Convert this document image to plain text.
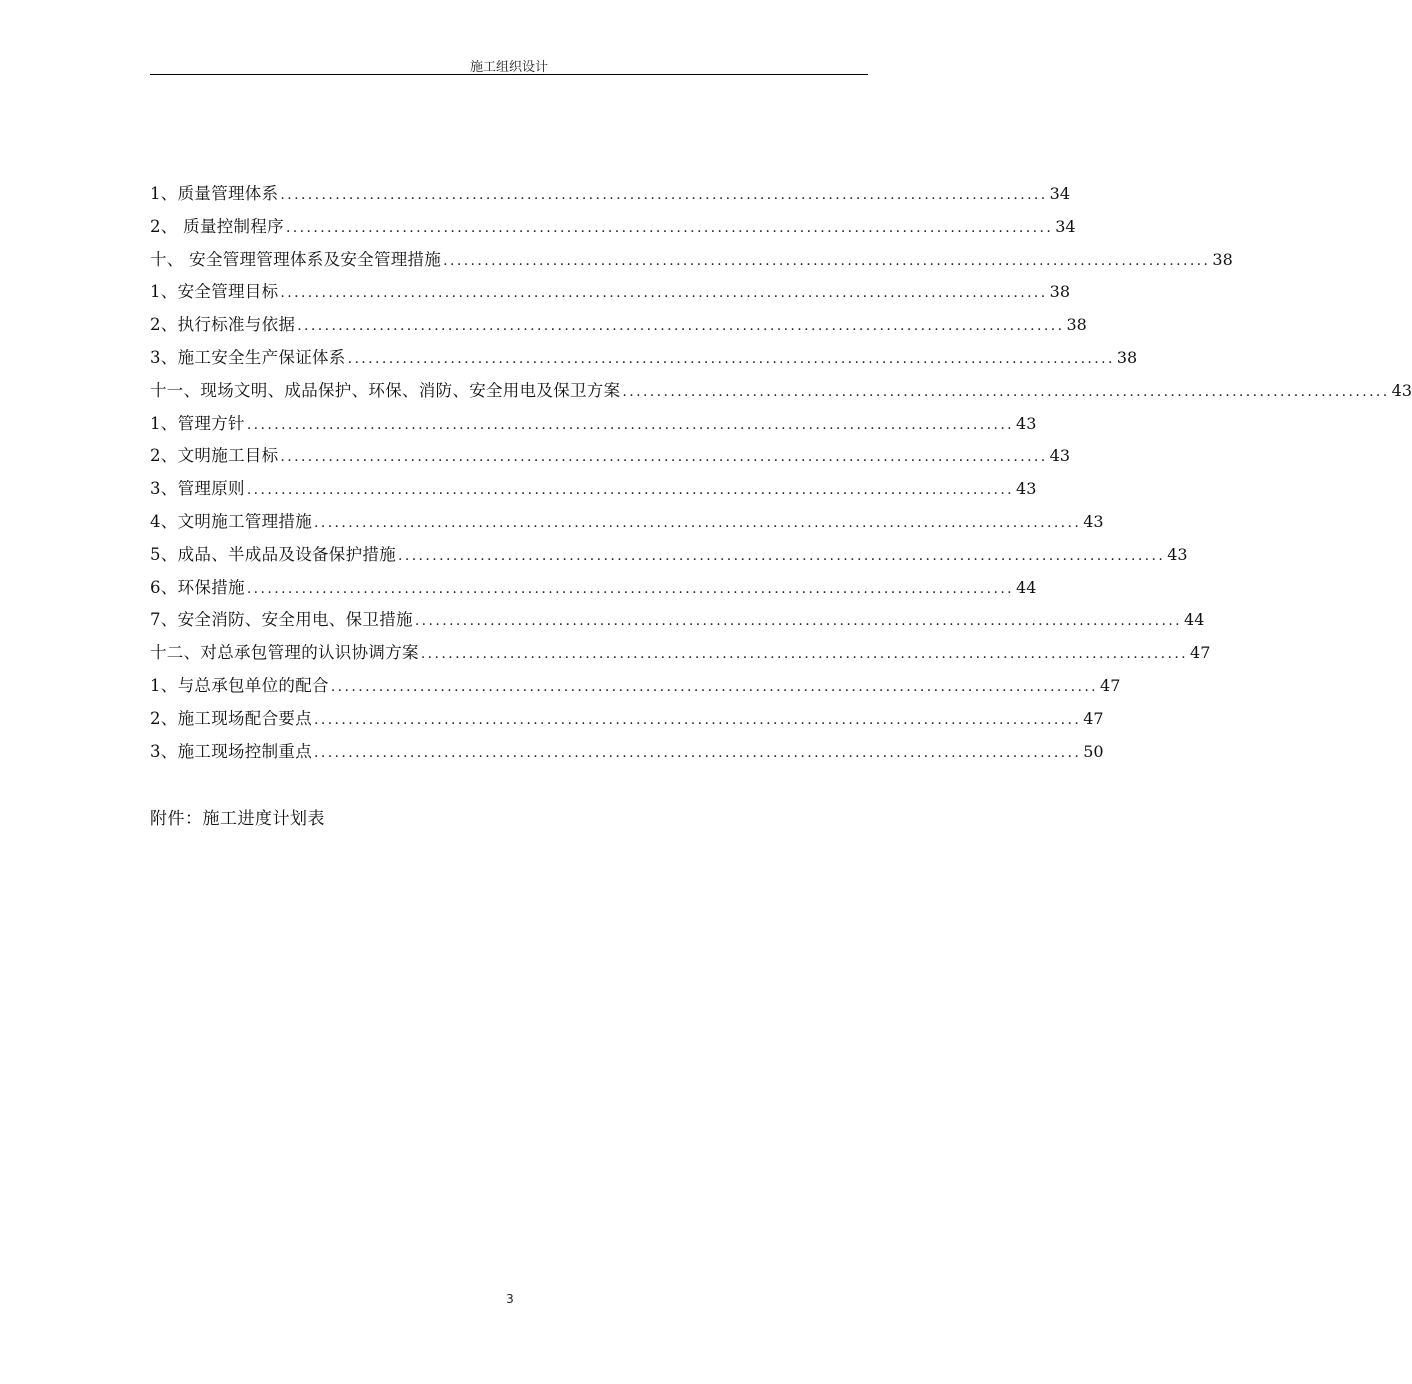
施工组织设计
1、质量管理体系 ................................................................................................................ 34
2、 质量控制程序 ................................................................................................................ 34
十、 安全管理管理体系及安全管理措施 ................................................................................................................ 38
1、安全管理目标 ................................................................................................................ 38
2、执行标准与依据 ................................................................................................................ 38
3、施工安全生产保证体系 ................................................................................................................ 38
十一、现场文明、成品保护、环保、消防、安全用电及保卫方案 ................................................................................................................ 43
1、管理方针 ................................................................................................................ 43
2、文明施工目标 ................................................................................................................ 43
3、管理原则 ................................................................................................................ 43
4、文明施工管理措施 ................................................................................................................ 43
5、成品、半成品及设备保护措施 ................................................................................................................ 43
6、环保措施 ................................................................................................................ 44
7、安全消防、安全用电、保卫措施 ................................................................................................................ 44
十二、对总承包管理的认识协调方案 ................................................................................................................ 47
1、与总承包单位的配合 ................................................................................................................ 47
2、施工现场配合要点 ................................................................................................................ 47
3、施工现场控制重点 ................................................................................................................ 50
附件：施工进度计划表
3
